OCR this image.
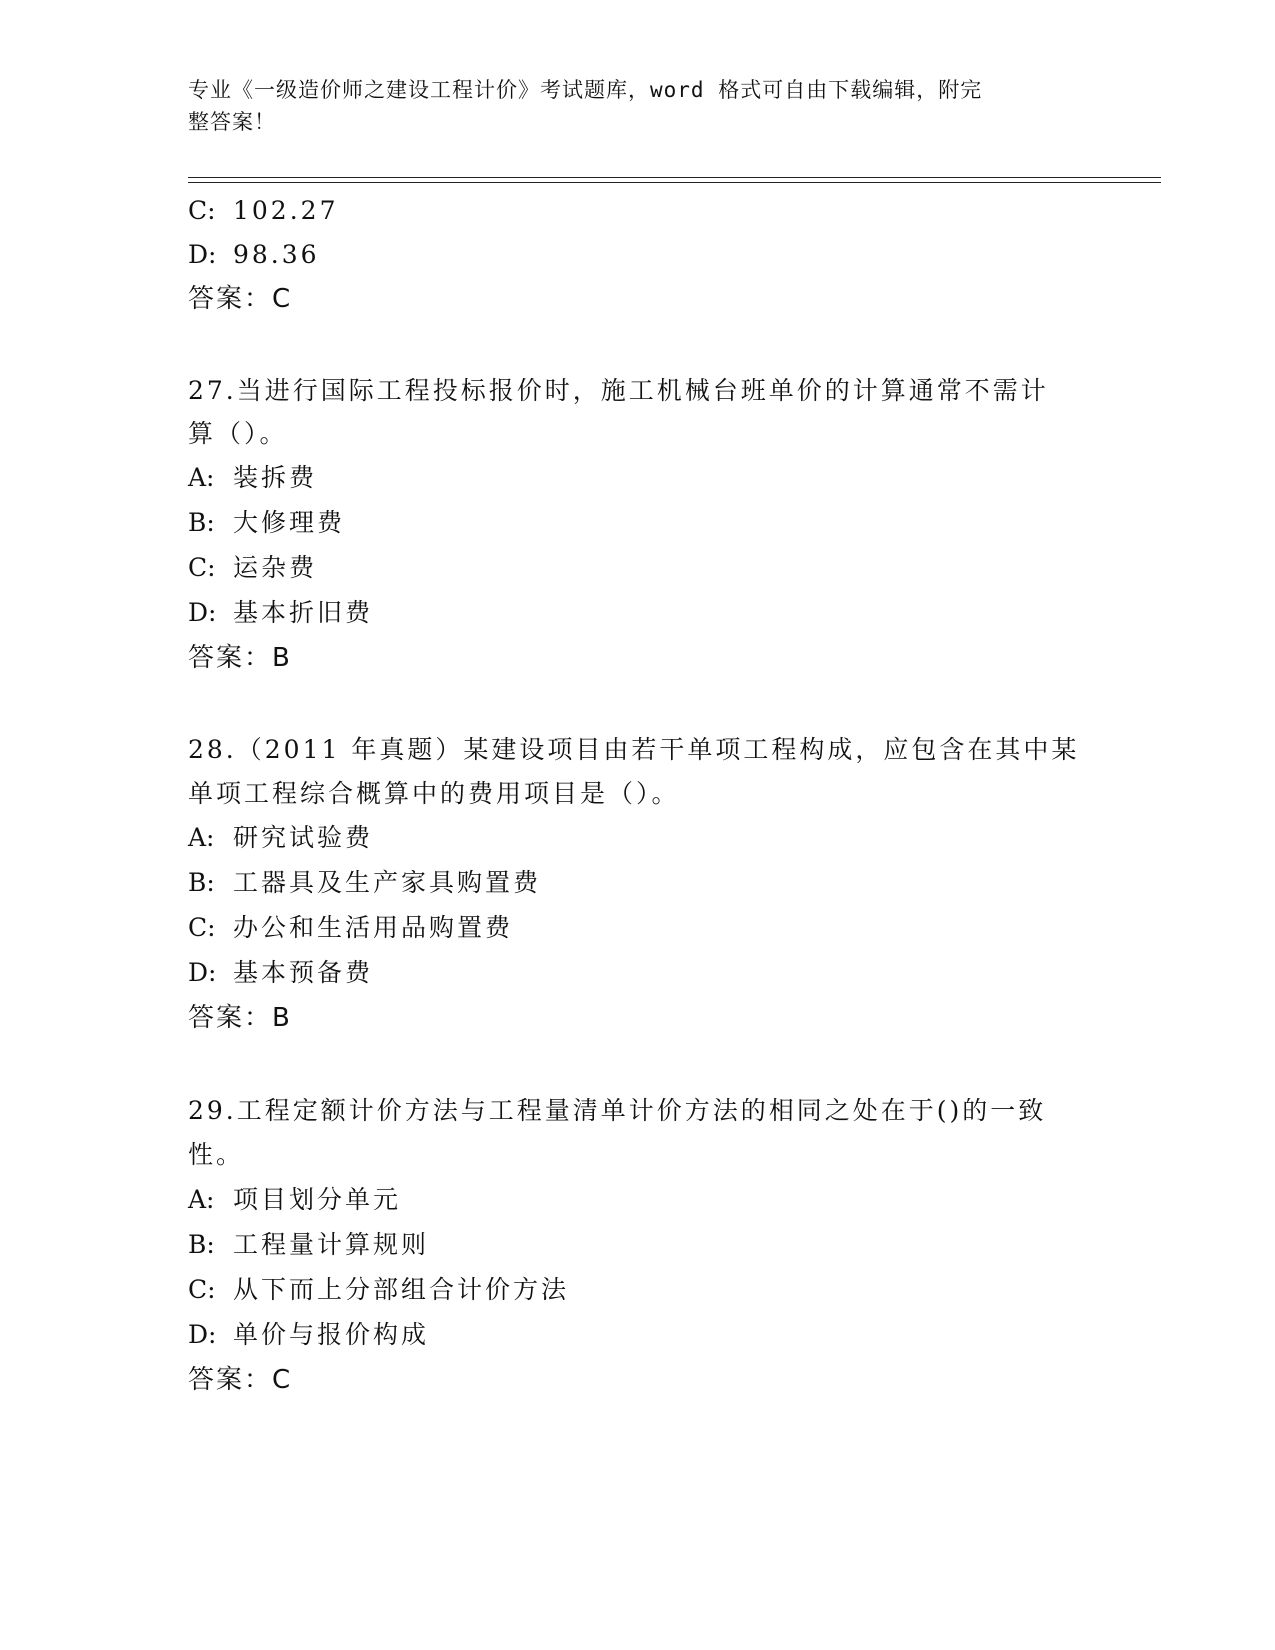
专业《一级造价师之建设工程计价》考试题库，word 格式可自由下载编辑，附完
整答案！
C: 102.27
D: 98.36
答案：C
27.当进行国际工程投标报价时，施工机械台班单价的计算通常不需计
算（）。
A: 装拆费
B: 大修理费
C: 运杂费
D: 基本折旧费
答案：B
28.（2011 年真题）某建设项目由若干单项工程构成，应包含在其中某
单项工程综合概算中的费用项目是（）。
A: 研究试验费
B: 工器具及生产家具购置费
C: 办公和生活用品购置费
D: 基本预备费
答案：B
29.工程定额计价方法与工程量清单计价方法的相同之处在于()的一致
性。
A: 项目划分单元
B: 工程量计算规则
C: 从下而上分部组合计价方法
D: 单价与报价构成
答案：C
